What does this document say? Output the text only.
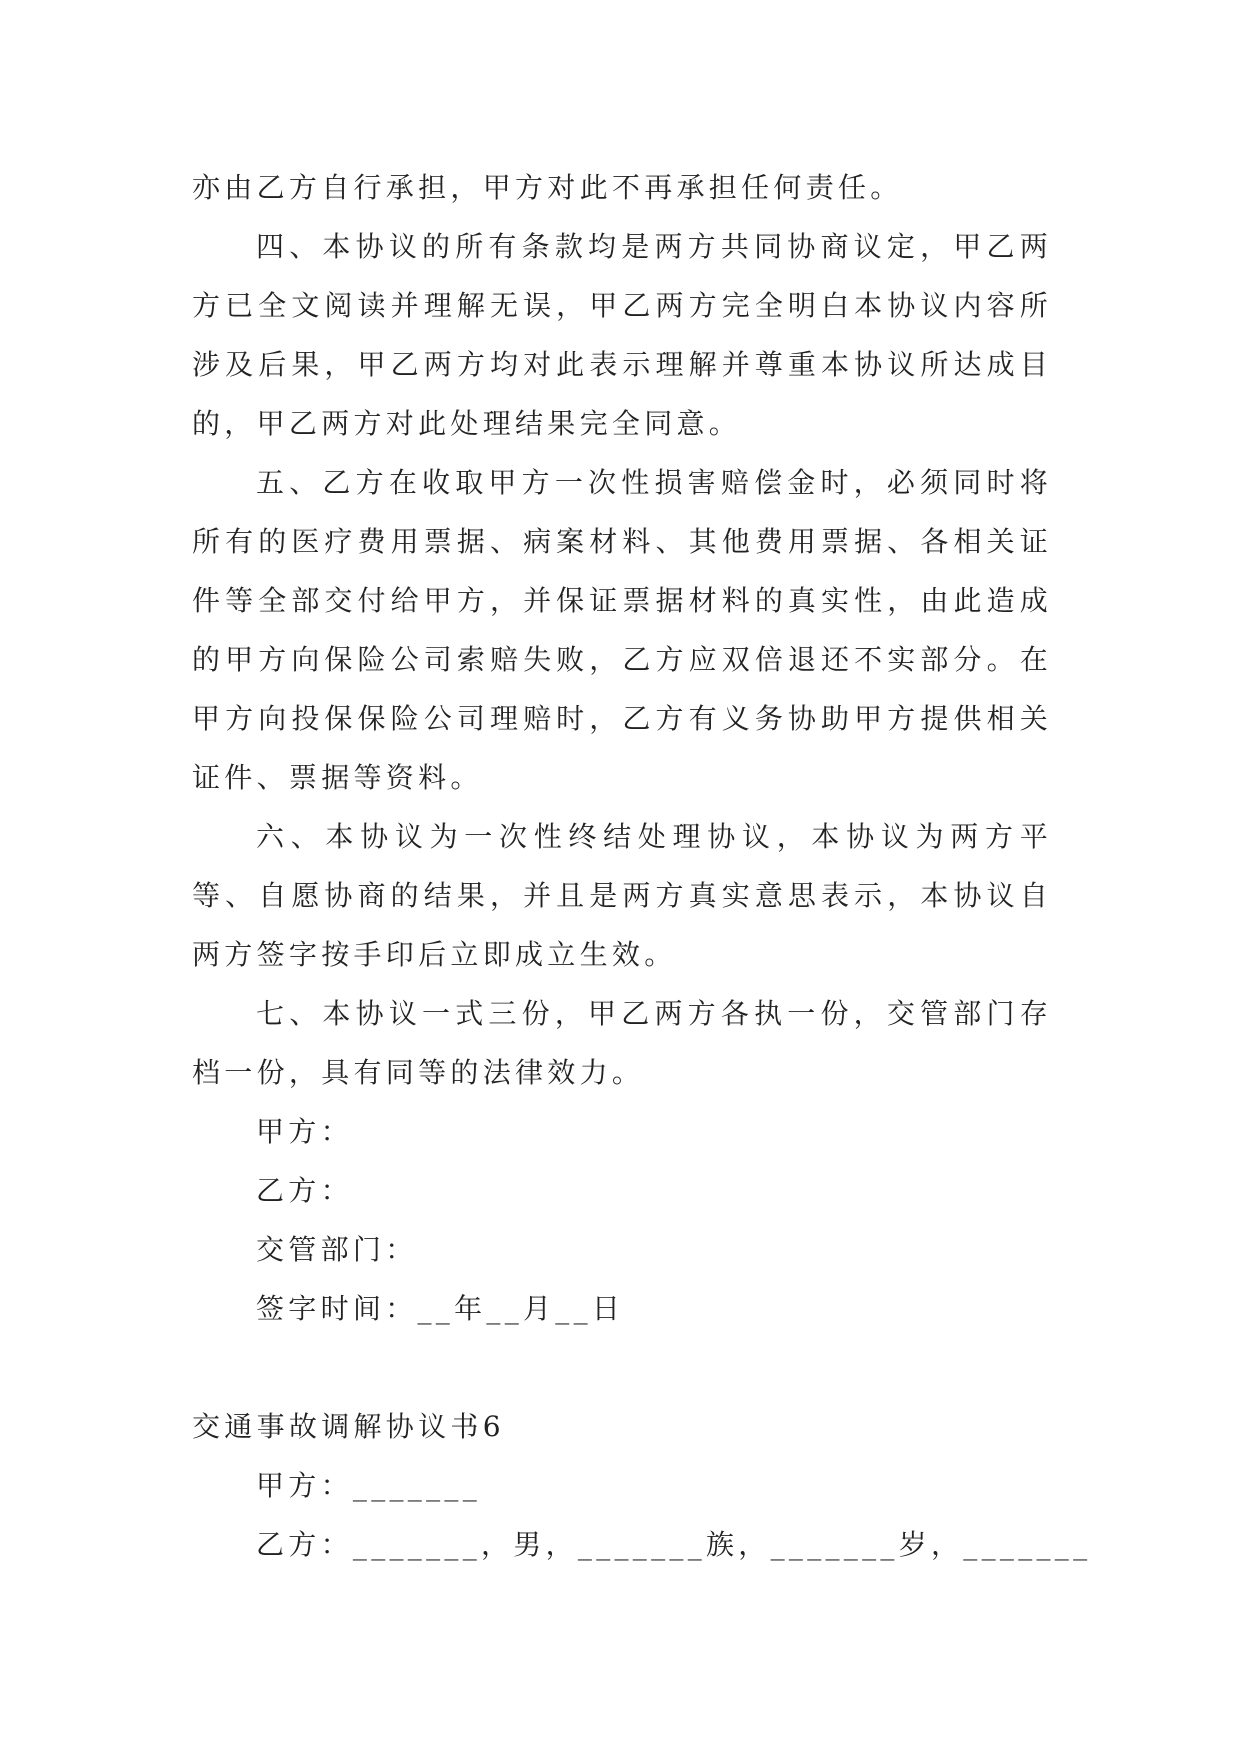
亦由乙方自行承担，甲方对此不再承担任何责任。

四、本协议的所有条款均是两方共同协商议定，甲乙两方已全文阅读并理解无误，甲乙两方完全明白本协议内容所涉及后果，甲乙两方均对此表示理解并尊重本协议所达成目的，甲乙两方对此处理结果完全同意。

五、乙方在收取甲方一次性损害赔偿金时，必须同时将所有的医疗费用票据、病案材料、其他费用票据、各相关证件等全部交付给甲方，并保证票据材料的真实性，由此造成的甲方向保险公司索赔失败，乙方应双倍退还不实部分。在甲方向投保保险公司理赔时，乙方有义务协助甲方提供相关证件、票据等资料。

六、本协议为一次性终结处理协议，本协议为两方平等、自愿协商的结果，并且是两方真实意思表示，本协议自两方签字按手印后立即成立生效。

七、本协议一式三份，甲乙两方各执一份，交管部门存档一份，具有同等的法律效力。

甲方：

乙方：

交管部门：

签字时间：__年__月__日

交通事故调解协议书6

甲方：_______

乙方：_______，男，_______族，_______岁，_______
